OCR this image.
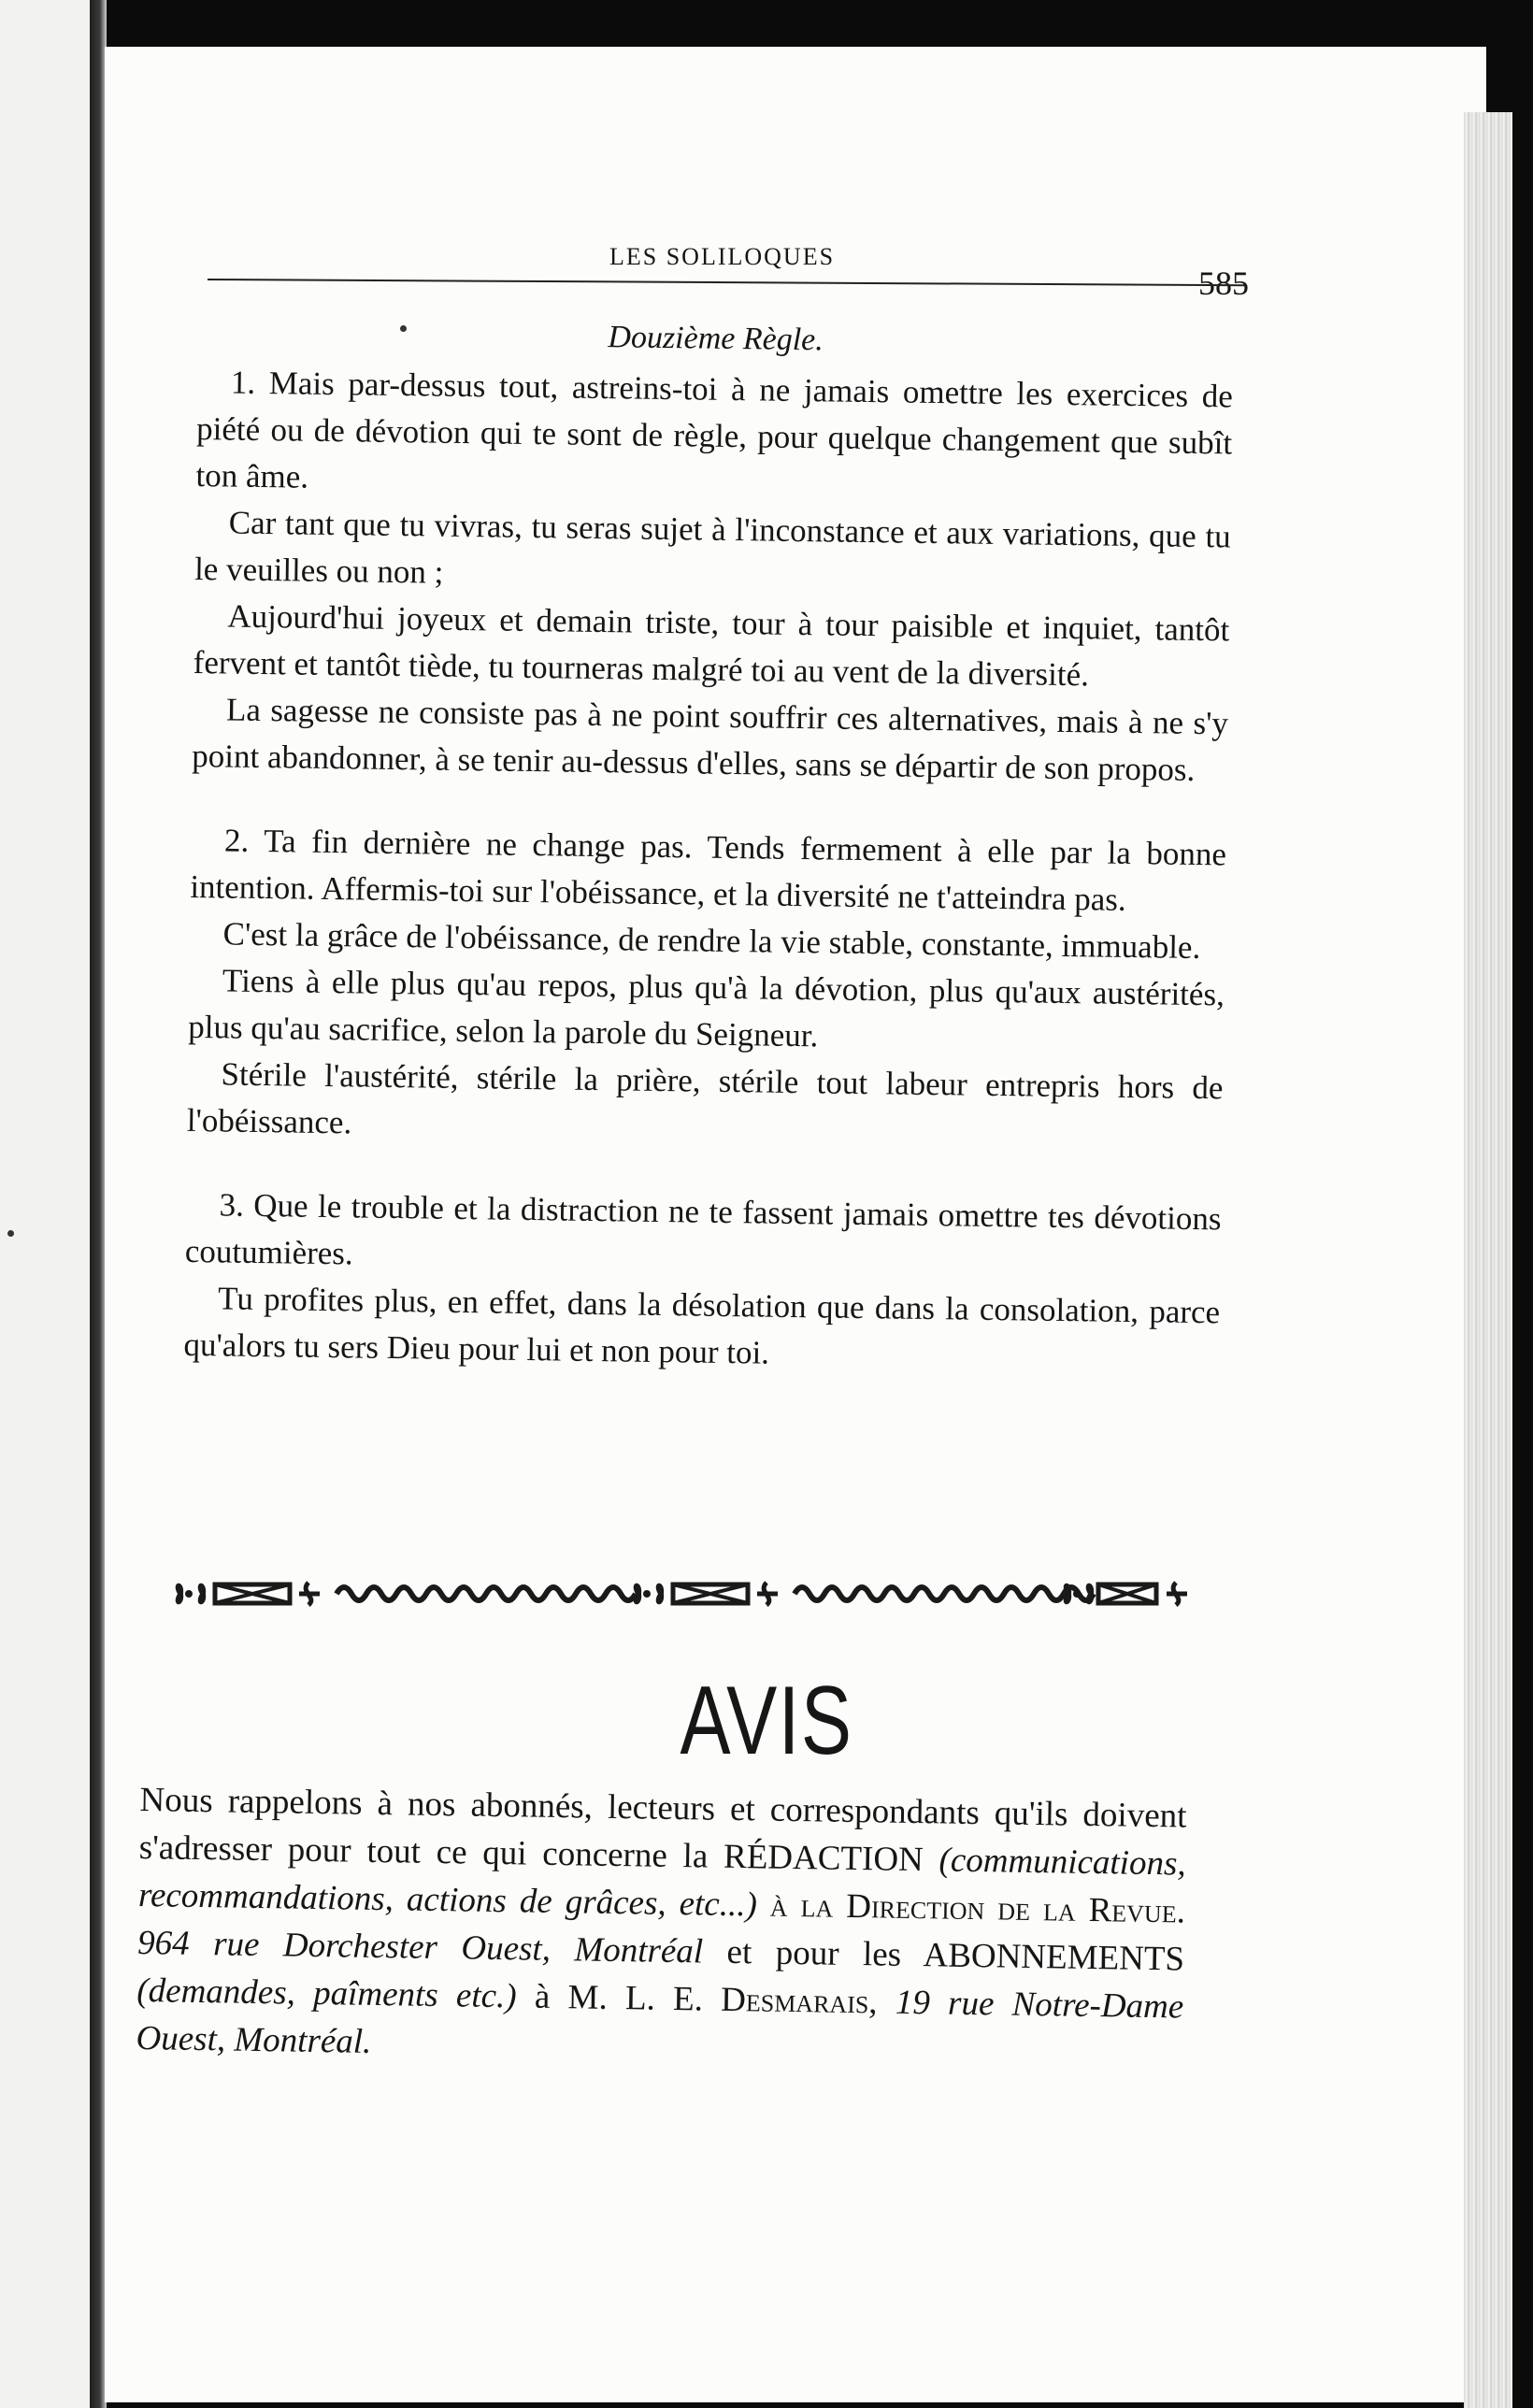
LES SOLILOQUES
585

Douzième Règle.

1. Mais par-dessus tout, astreins-toi à ne jamais omettre les exercices de piété ou de dévotion qui te sont de règle, pour quelque changement que subît ton âme.

Car tant que tu vivras, tu seras sujet à l'inconstance et aux variations, que tu le veuilles ou non ;

Aujourd'hui joyeux et demain triste, tour à tour paisible et inquiet, tantôt fervent et tantôt tiède, tu tourneras malgré toi au vent de la diversité.

La sagesse ne consiste pas à ne point souffrir ces alternatives, mais à ne s'y point abandonner, à se tenir au-dessus d'elles, sans se départir de son propos.

2. Ta fin dernière ne change pas. Tends fermement à elle par la bonne intention. Affermis-toi sur l'obéissance, et la diversité ne t'atteindra pas.

C'est la grâce de l'obéissance, de rendre la vie stable, constante, immuable.

Tiens à elle plus qu'au repos, plus qu'à la dévotion, plus qu'aux austérités, plus qu'au sacrifice, selon la parole du Seigneur.

Stérile l'austérité, stérile la prière, stérile tout labeur entrepris hors de l'obéissance.

3. Que le trouble et la distraction ne te fassent jamais omettre tes dévotions coutumières.

Tu profites plus, en effet, dans la désolation que dans la consolation, parce qu'alors tu sers Dieu pour lui et non pour toi.

AVIS
Nous rappelons à nos abonnés, lecteurs et correspondants qu'ils doivent s'adresser pour tout ce qui concerne la RÉDACTION (communications, recommandations, actions de grâces, etc...) à la Direction de la Revue. 964 rue Dorchester Ouest, Montréal et pour les ABONNEMENTS (demandes, paîments etc.) à M. L. E. Desmarais, 19 rue Notre-Dame Ouest, Montréal.
